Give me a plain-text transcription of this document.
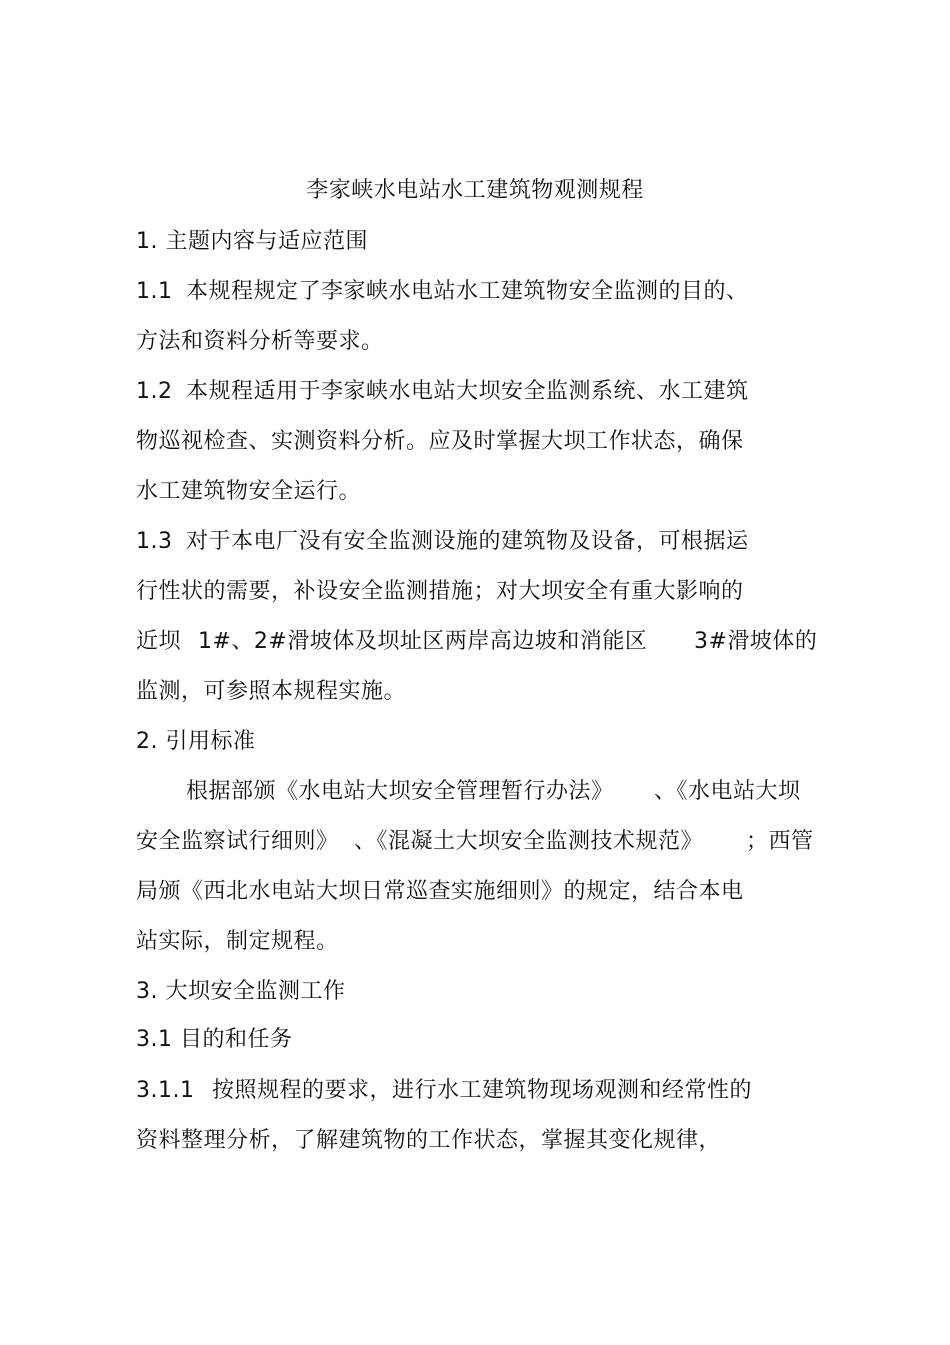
李家峡水电站水工建筑物观测规程
1. 主题内容与适应范围
1.1 本规程规定了李家峡水电站水工建筑物安全监测的目的、
方法和资料分析等要求。
1.2 本规程适用于李家峡水电站大坝安全监测系统、水工建筑
物巡视检查、实测资料分析。应及时掌握大坝工作状态，确保
水工建筑物安全运行。
1.3 对于本电厂没有安全监测设施的建筑物及设备，可根据运
行性状的需要，补设安全监测措施；对大坝安全有重大影响的
近坝 1#、2#滑坡体及坝址区两岸高边坡和消能区 3#滑坡体的
监测，可参照本规程实施。
2. 引用标准
根据部颁《水电站大坝安全管理暂行办法》 、《水电站大坝
安全监察试行细则》 、《混凝土大坝安全监测技术规范》 ；西管
局颁《西北水电站大坝日常巡查实施细则》的规定，结合本电
站实际，制定规程。
3. 大坝安全监测工作
3.1 目的和任务
3.1.1 按照规程的要求，进行水工建筑物现场观测和经常性的
资料整理分析，了解建筑物的工作状态，掌握其变化规律，
